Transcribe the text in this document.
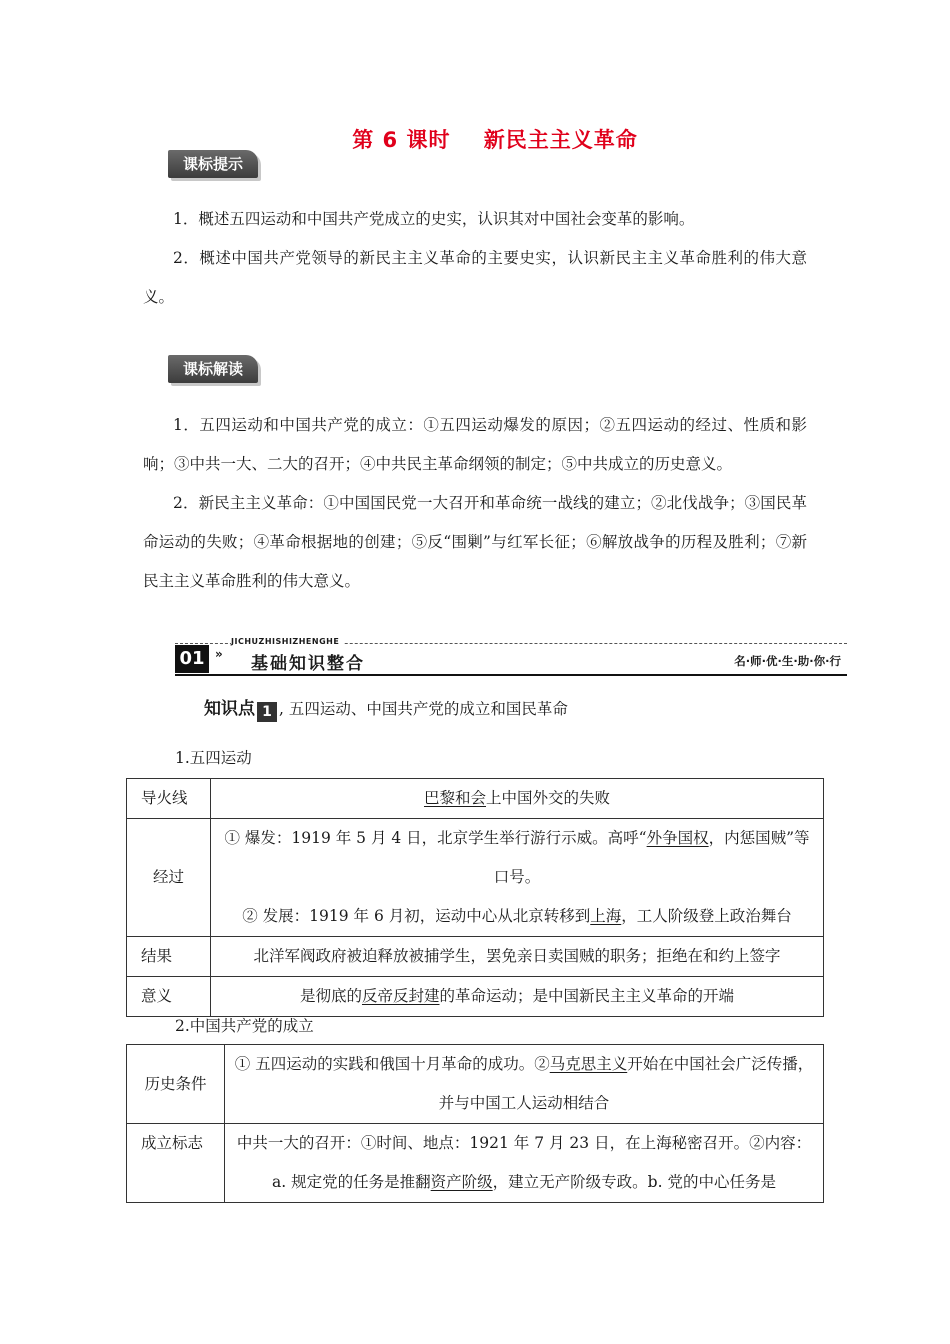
第 6 课时    新民主主义革命
课标提示

1．概述五四运动和中国共产党成立的史实，认识其对中国社会变革的影响。

2．概述中国共产党领导的新民主主义革命的主要史实，认识新民主主义革命胜利的伟大意义。

课标解读

1．五四运动和中国共产党的成立：①五四运动爆发的原因；②五四运动的经过、性质和影响；③中共一大、二大的召开；④中共民主革命纲领的制定；⑤中共成立的历史意义。

2．新民主主义革命：①中国国民党一大召开和革命统一战线的建立；②北伐战争；③国民革命运动的失败；④革命根据地的创建；⑤反“围剿”与红军长征；⑥解放战争的历程及胜利；⑦新民主主义革命胜利的伟大意义。

JICHUZHISHIZHENGHE
01 » 基础知识整合	名·师·优·生·助·你·行
知识点 1 , 五四运动、中国共产党的成立和国民革命
1.五四运动
导火线	巴黎和会上中国外交的失败
经过	① 爆发：1919 年 5 月 4 日，北京学生举行游行示威。高呼“外争国权，内惩国贼”等口号。
② 发展：1919 年 6 月初，运动中心从北京转移到上海，工人阶级登上政治舞台
结果	北洋军阀政府被迫释放被捕学生，罢免亲日卖国贼的职务；拒绝在和约上签字
意义	是彻底的反帝反封建的革命运动；是中国新民主主义革命的开端
2.中国共产党的成立
历史条件	① 五四运动的实践和俄国十月革命的成功。②马克思主义开始在中国社会广泛传播，并与中国工人运动相结合
成立标志	中共一大的召开：①时间、地点：1921 年 7 月 23 日，在上海秘密召开。②内容：a. 规定党的任务是推翻资产阶级，建立无产阶级专政。b. 党的中心任务是
